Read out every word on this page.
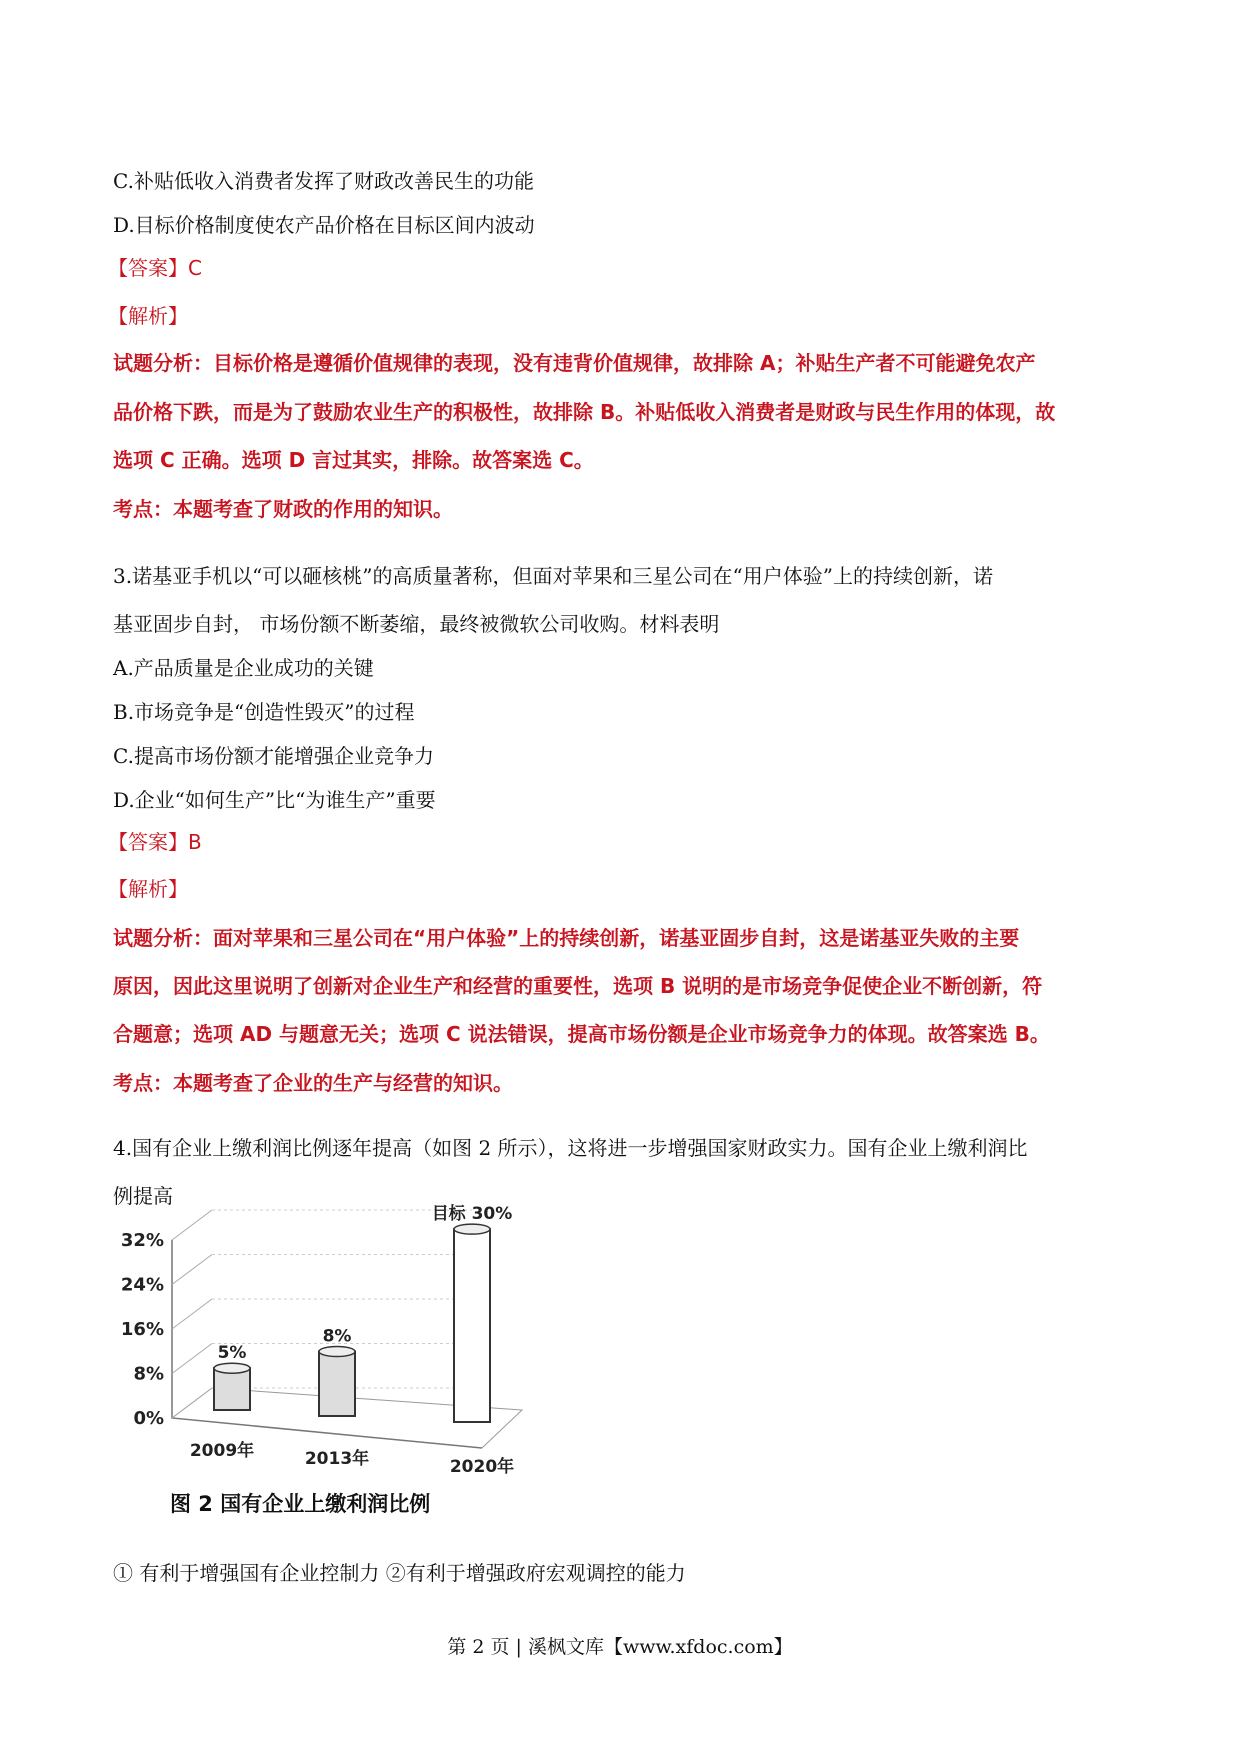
C.补贴低收入消费者发挥了财政改善民生的功能
D.目标价格制度使农产品价格在目标区间内波动
【答案】C
【解析】
试题分析：目标价格是遵循价值规律的表现，没有违背价值规律，故排除 A；补贴生产者不可能避免农产
品价格下跌，而是为了鼓励农业生产的积极性，故排除 B。补贴低收入消费者是财政与民生作用的体现，故
选项 C 正确。选项 D 言过其实，排除。故答案选 C。
考点：本题考查了财政的作用的知识。
3.诺基亚手机以“可以砸核桃”的高质量著称，但面对苹果和三星公司在“用户体验”上的持续创新，诺
基亚固步自封， 市场份额不断萎缩，最终被微软公司收购。材料表明
A.产品质量是企业成功的关键
B.市场竞争是“创造性毁灭”的过程
C.提高市场份额才能增强企业竞争力
D.企业“如何生产”比“为谁生产”重要
【答案】B
【解析】
试题分析：面对苹果和三星公司在“用户体验”上的持续创新，诺基亚固步自封，这是诺基亚失败的主要
原因，因此这里说明了创新对企业生产和经营的重要性，选项 B 说明的是市场竞争促使企业不断创新，符
合题意；选项 AD 与题意无关；选项 C 说法错误，提高市场份额是企业市场竞争力的体现。故答案选 B。
考点：本题考查了企业的生产与经营的知识。
4.国有企业上缴利润比例逐年提高（如图 2 所示），这将进一步增强国家财政实力。国有企业上缴利润比
例提高
0%
8%
16%
24%
32%
5%
2009年
8%
2013年
目标 30%
2020年
图 2 国有企业上缴利润比例
① 有利于增强国有企业控制力 ②有利于增强政府宏观调控的能力
第 2 页 | 溪枫文库【www.xfdoc.com】
